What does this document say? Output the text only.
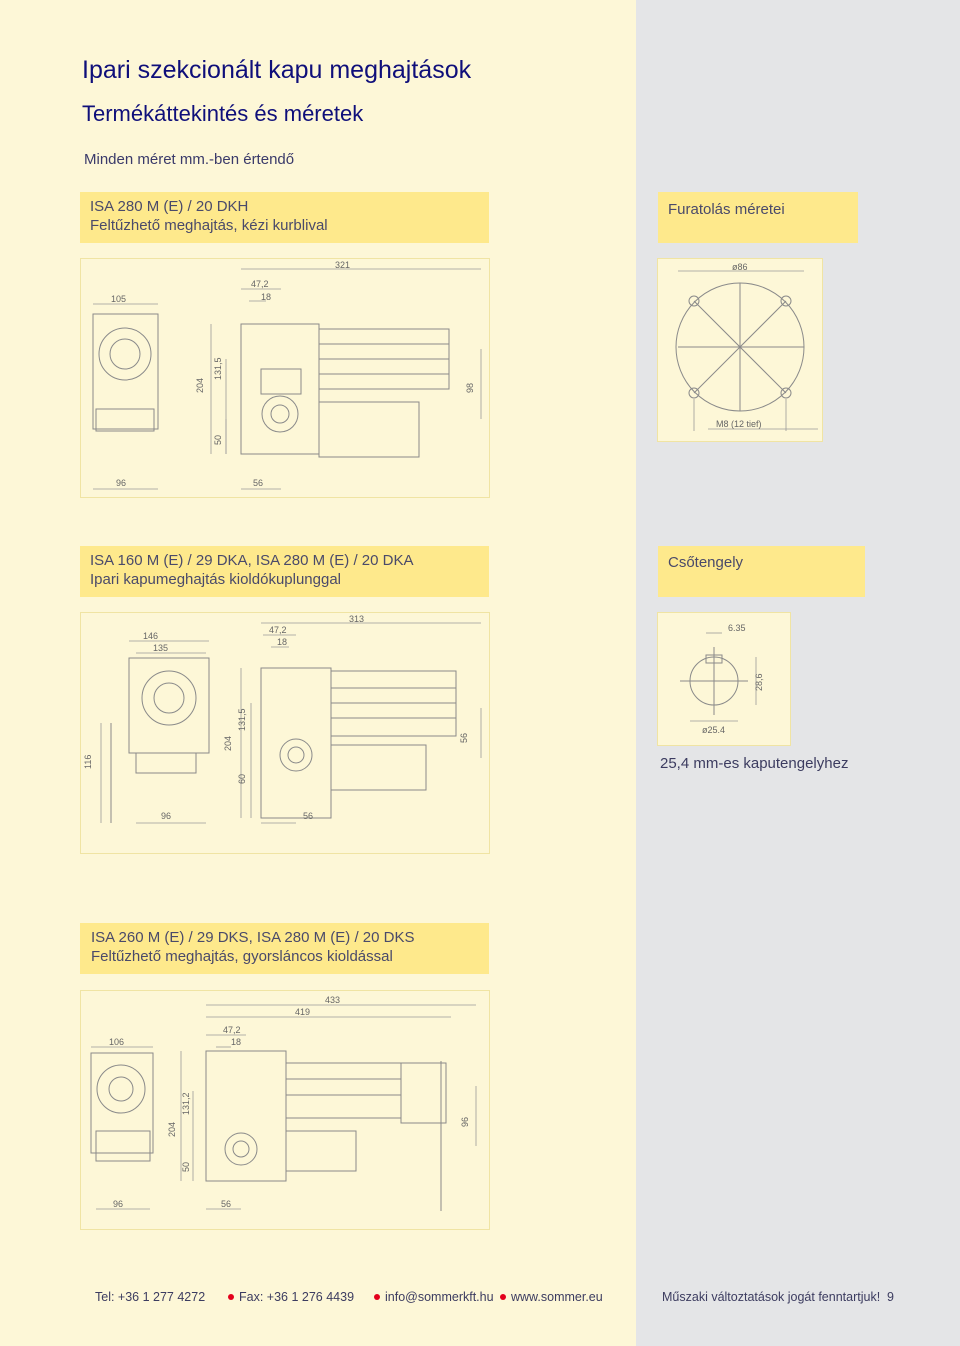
Ipari szekcionált kapu meghajtások
Termékáttekintés és méretek
Minden méret mm.-ben értendő
ISA 280 M (E) / 20 DKH
Feltűzhető meghajtás, kézi kurblival
Furatolás méretei
321
47,2
18
105
204
131,5
50
98
96	56
ø86
M8 (12 tief)
ISA 160 M (E) / 29 DKA, ISA 280 M (E) / 20 DKA
Ipari kapumeghajtás kioldókuplunggal
Csőtengely
313
146
135
47,2
18
131,5
204	56
116
60
96	56
6.35
28,6
ø25.4
25,4 mm-es kaputengelyhez
ISA 260 M (E) / 29 DKS, ISA 280 M (E) / 20 DKS
Feltűzhető meghajtás, gyorsláncos kioldással
433
419
47,2
18
106
131,2
204
50
96
96	56
Tel: +36 1 277 4272	Fax: +36 1 276 4439 info@sommerkft.hu www.sommer.eu	Műszaki változtatások jogát fenntartjuk! 9
